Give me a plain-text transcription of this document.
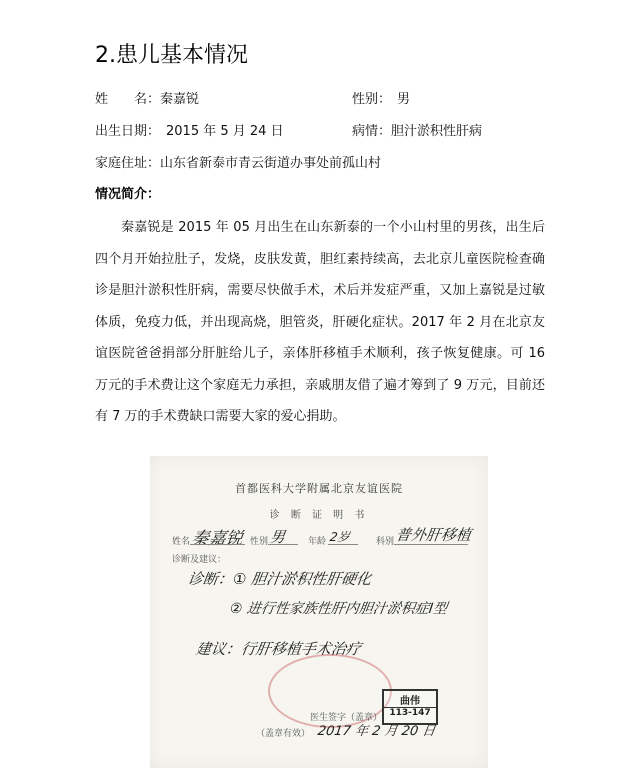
2.患儿基本情况
姓　　名：秦嘉锐	性别： 男
出生日期： 2015 年 5 月 24 日	病情：胆汁淤积性肝病
家庭住址：山东省新泰市青云街道办事处前孤山村
情况简介：
秦嘉锐是 2015 年 05 月出生在山东新泰的一个小山村里的男孩，出生后四个月开始拉肚子，发烧，皮肤发黄，胆红素持续高，去北京儿童医院检查确诊是胆汁淤积性肝病，需要尽快做手术，术后并发症严重，又加上嘉锐是过敏体质，免疫力低，并出现高烧，胆管炎，肝硬化症状。2017 年 2 月在北京友谊医院爸爸捐部分肝脏给儿子，亲体肝移植手术顺利，孩子恢复健康。可 16 万元的手术费让这个家庭无力承担，亲戚朋友借了遍才筹到了 9 万元，目前还有 7 万的手术费缺口需要大家的爱心捐助。
首都医科大学附属北京友谊医院
诊 断 证 明 书
姓名 秦嘉锐 性别 男 年龄 2岁	科别 普外肝移植
诊断及建议：
诊断：① 胆汁淤积性肝硬化
② 进行性家族性肝内胆汁淤积症Ⅰ型
建议：行肝移植手术治疗
曲伟
113-147
医生签字（盖章）
2017 年 2 月 20 日
（盖章有效）
